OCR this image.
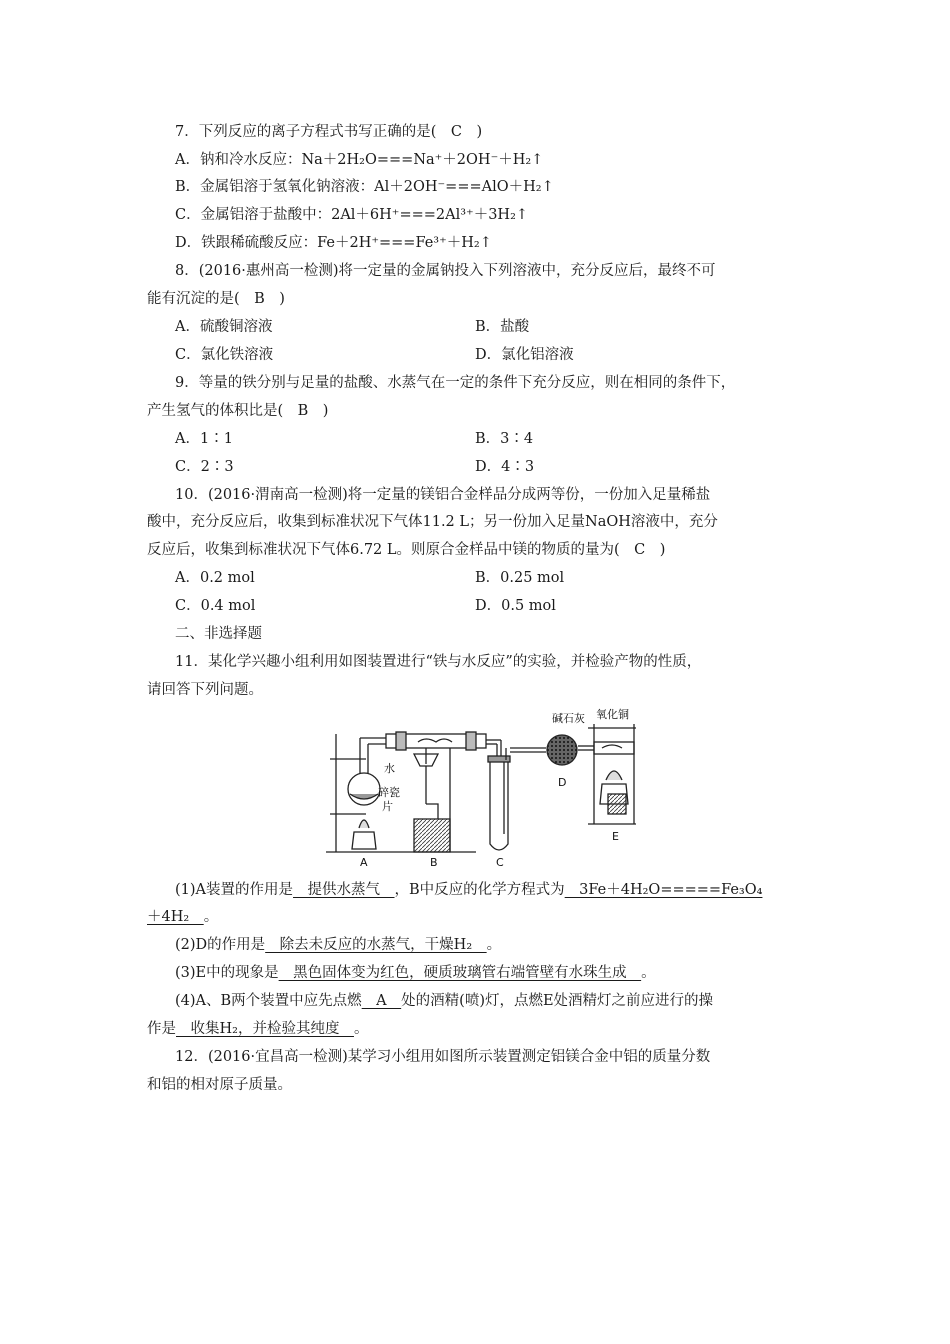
7．下列反应的离子方程式书写正确的是(　C　)
A．钠和冷水反应：Na＋2H₂O===Na⁺＋2OH⁻＋H₂↑
B．金属铝溶于氢氧化钠溶液：Al＋2OH⁻===AlO＋H₂↑
C．金属铝溶于盐酸中：2Al＋6H⁺===2Al³⁺＋3H₂↑
D．铁跟稀硫酸反应：Fe＋2H⁺===Fe³⁺＋H₂↑
8．(2016·惠州高一检测)将一定量的金属钠投入下列溶液中，充分反应后，最终不可
能有沉淀的是(　B　)
A．硫酸铜溶液	B．盐酸
C．氯化铁溶液	D．氯化铝溶液
9．等量的铁分别与足量的盐酸、水蒸气在一定的条件下充分反应，则在相同的条件下，
产生氢气的体积比是(　B　)
A．1∶1	B．3∶4
C．2∶3	D．4∶3
10．(2016·渭南高一检测)将一定量的镁铝合金样品分成两等份，一份加入足量稀盐
酸中，充分反应后，收集到标准状况下气体11.2 L；另一份加入足量NaOH溶液中，充分
反应后，收集到标准状况下气体6.72 L。则原合金样品中镁的物质的量为(　C　)
A．0.2 mol	B．0.25 mol
C．0.4 mol	D．0.5 mol
二、非选择题
11．某化学兴趣小组利用如图装置进行“铁与水反应”的实验，并检验产物的性质，
请回答下列问题。
碱石灰 氧化铜
水
碎瓷
片
A	B	C
D
E
(1)A装置的作用是　提供水蒸气　，B中反应的化学方程式为　3Fe＋4H₂O=====Fe₃O₄
＋4H₂　。
(2)D的作用是　除去未反应的水蒸气，干燥H₂　。
(3)E中的现象是　黑色固体变为红色，硬质玻璃管右端管壁有水珠生成　。
(4)A、B两个装置中应先点燃　A　处的酒精(喷)灯，点燃E处酒精灯之前应进行的操
作是　收集H₂，并检验其纯度　。
12．(2016·宜昌高一检测)某学习小组用如图所示装置测定铝镁合金中铝的质量分数
和铝的相对原子质量。
